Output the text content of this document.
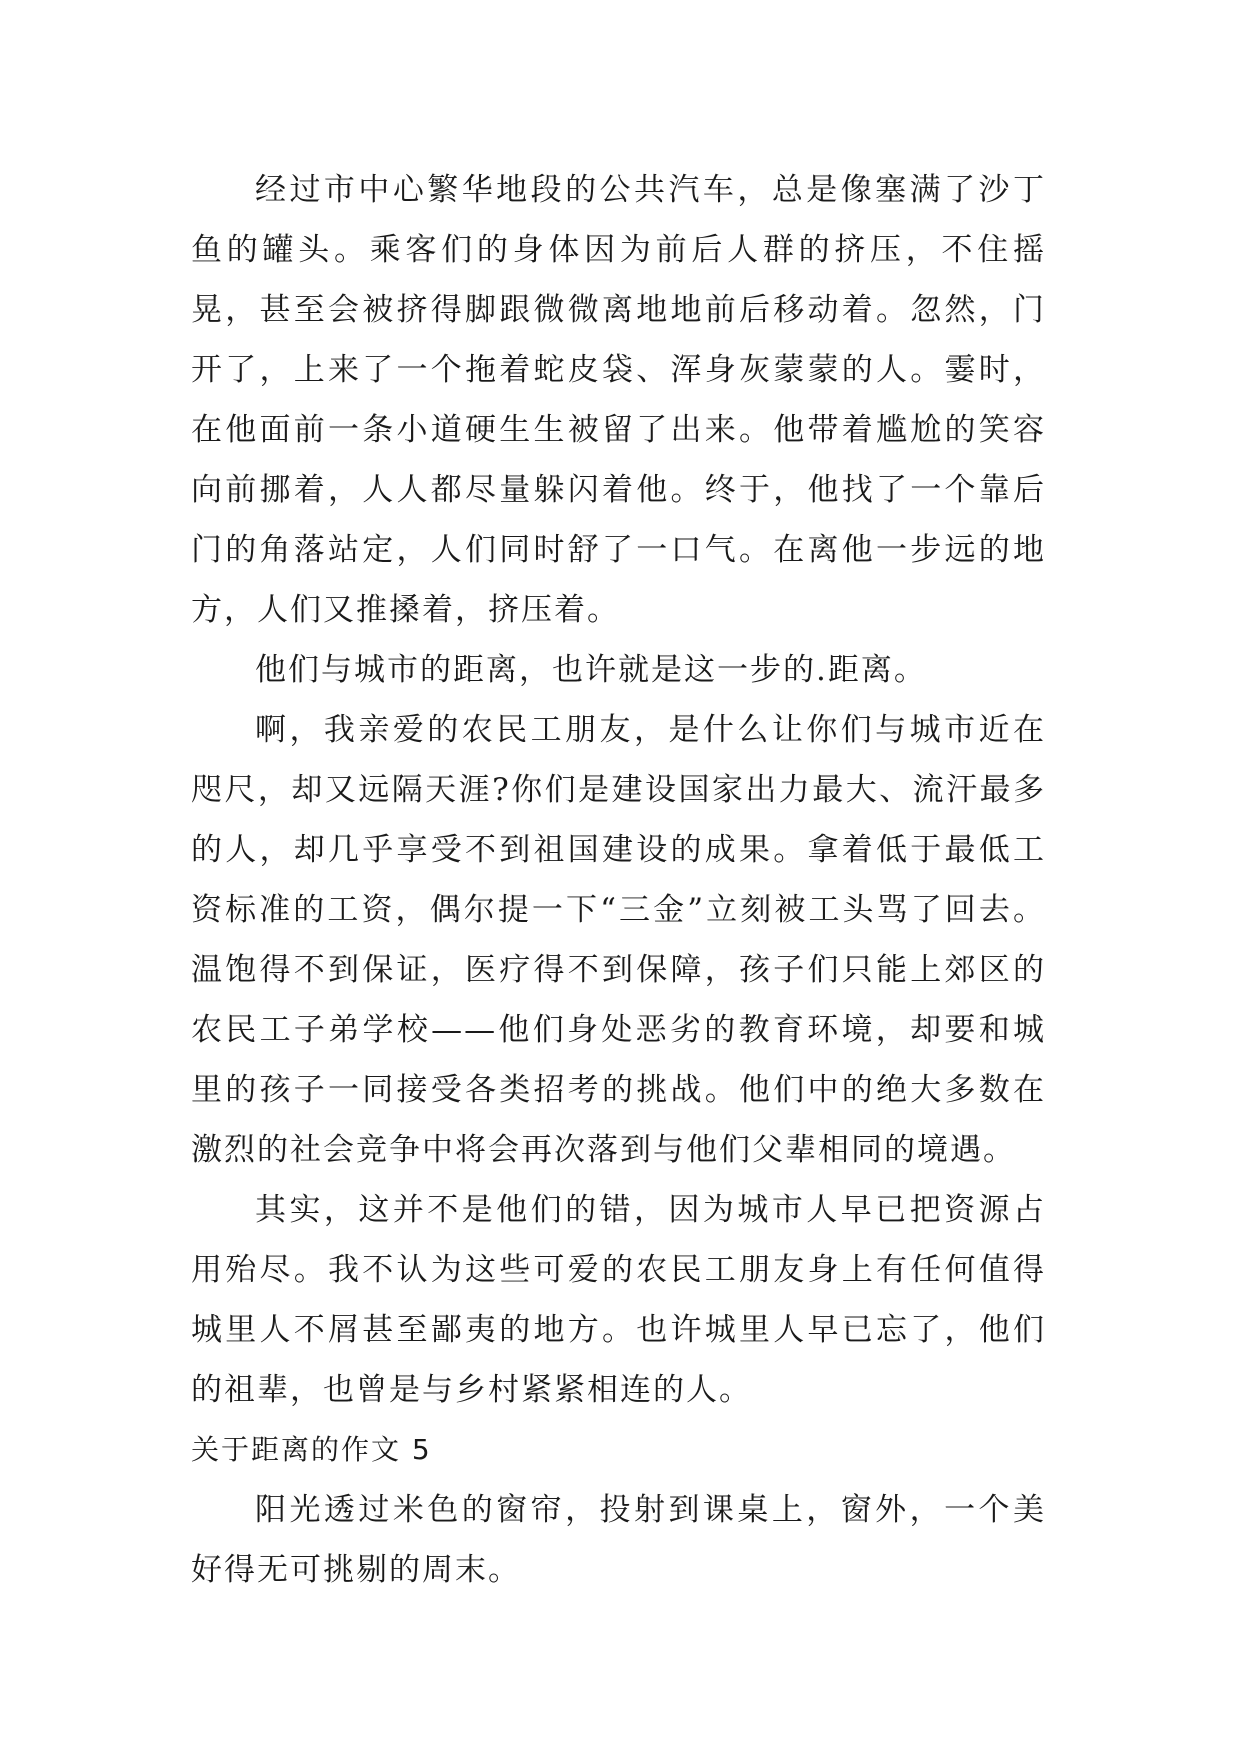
经过市中心繁华地段的公共汽车，总是像塞满了沙丁鱼的罐头。乘客们的身体因为前后人群的挤压，不住摇晃，甚至会被挤得脚跟微微离地地前后移动着。忽然，门开了，上来了一个拖着蛇皮袋、浑身灰蒙蒙的人。霎时，在他面前一条小道硬生生被留了出来。他带着尴尬的笑容向前挪着，人人都尽量躲闪着他。终于，他找了一个靠后门的角落站定，人们同时舒了一口气。在离他一步远的地方，人们又推搡着，挤压着。

他们与城市的距离，也许就是这一步的.距离。

啊，我亲爱的农民工朋友，是什么让你们与城市近在咫尺，却又远隔天涯?你们是建设国家出力最大、流汗最多的人，却几乎享受不到祖国建设的成果。拿着低于最低工资标准的工资，偶尔提一下“三金”立刻被工头骂了回去。温饱得不到保证，医疗得不到保障，孩子们只能上郊区的农民工子弟学校——他们身处恶劣的教育环境，却要和城里的孩子一同接受各类招考的挑战。他们中的绝大多数在激烈的社会竞争中将会再次落到与他们父辈相同的境遇。

其实，这并不是他们的错，因为城市人早已把资源占用殆尽。我不认为这些可爱的农民工朋友身上有任何值得城里人不屑甚至鄙夷的地方。也许城里人早已忘了，他们的祖辈，也曾是与乡村紧紧相连的人。

关于距离的作文 5

阳光透过米色的窗帘，投射到课桌上，窗外，一个美好得无可挑剔的周末。
